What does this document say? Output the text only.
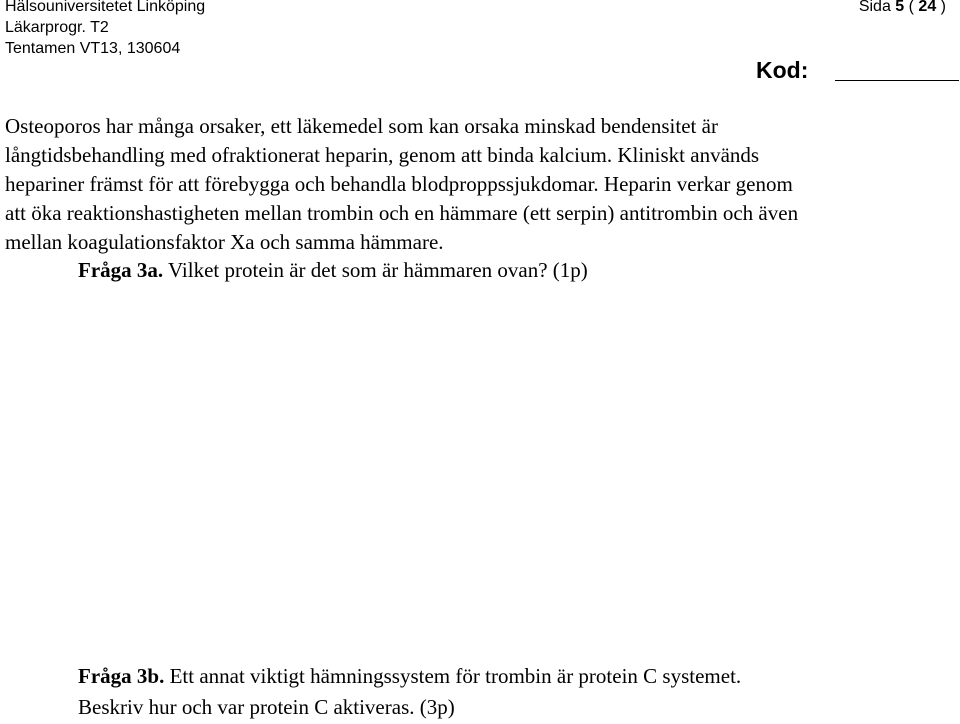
Hälsouniversitetet Linköping
Läkarprogr. T2
Tentamen VT13, 130604
Sida 5 ( 24 )
Kod:
Osteoporos har många orsaker, ett läkemedel som kan orsaka minskad bendensitet är
långtidsbehandling med ofraktionerat heparin, genom att binda kalcium. Kliniskt används
hepariner främst för att förebygga och behandla blodproppssjukdomar. Heparin verkar genom
att öka reaktionshastigheten mellan trombin och en hämmare (ett serpin) antitrombin och även
mellan koagulationsfaktor Xa och samma hämmare.
Fråga 3a. Vilket protein är det som är hämmaren ovan? (1p)
Fråga 3b. Ett annat viktigt hämningssystem för trombin är protein C systemet.
Beskriv hur och var protein C aktiveras. (3p)
